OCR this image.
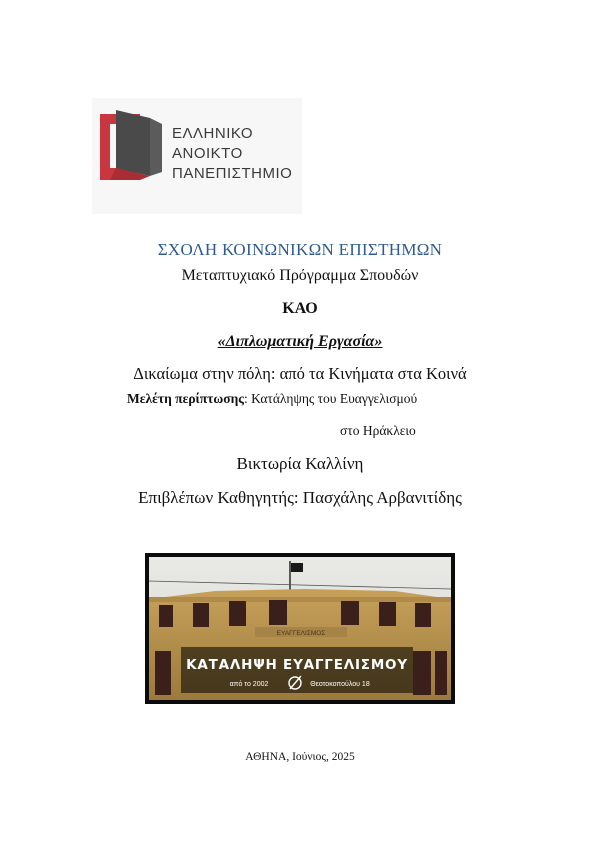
ΕΛΛΗΝΙΚΟ
ΑΝΟΙΚΤΟ
ΠΑΝΕΠΙΣΤΗΜΙΟ
ΣΧΟΛΗ ΚΟΙΝΩΝΙΚΩΝ ΕΠΙΣΤΗΜΩΝ
Μεταπτυχιακό Πρόγραμμα Σπουδών
ΚΑΟ
«Διπλωματική Εργασία»
Δικαίωμα στην πόλη: από τα Κινήματα στα Κοινά
Μελέτη περίπτωσης: Κατάληψης του Ευαγγελισμού
στο Ηράκλειο
Βικτωρία Καλλίνη
Επιβλέπων Καθηγητής: Πασχάλης Αρβανιτίδης
ΕΥΑΓΓΕΛΙΣΜΟΣ
ΚΑΤΑΛΗΨΗ ΕΥΑΓΓΕΛΙΣΜΟΥ
από το 2002	Θεοτοκοπούλου 18
ΑΘΗΝΑ, Ιούνιος, 2025
